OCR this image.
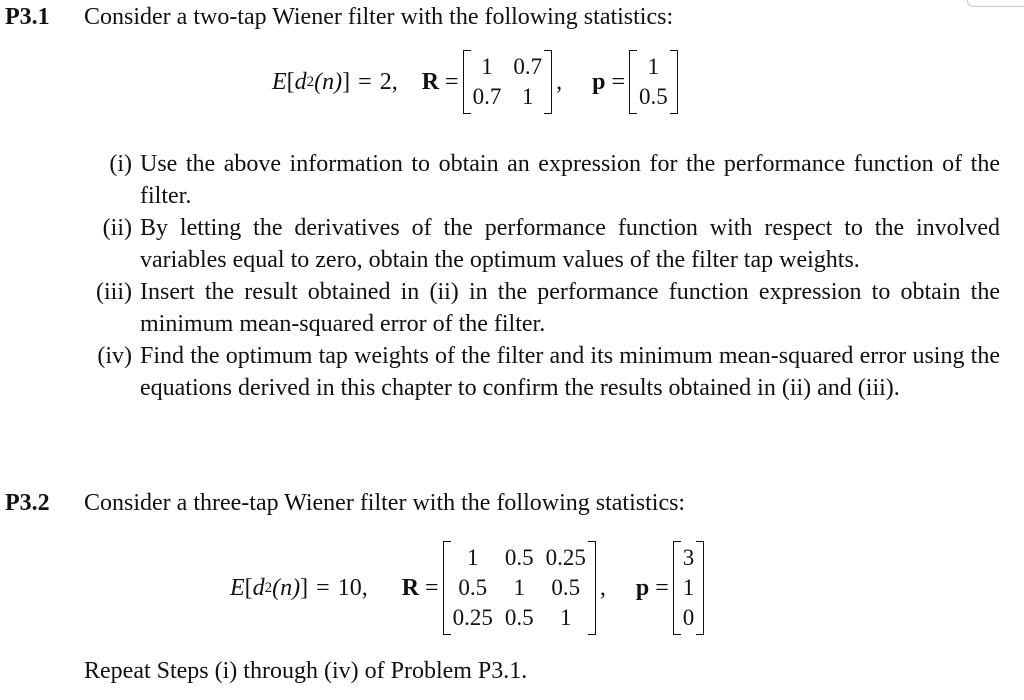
P3.1 Consider a two-tap Wiener filter with the following statistics:
E [ d 2 (n) ] = 2, R =
1 0.7
0.7 1
, p =
1
0.5
(i) Use the above information to obtain an expression for the performance function of the filter.
(ii) By letting the derivatives of the performance function with respect to the involved variables equal to zero, obtain the optimum values of the filter tap weights.
(iii) Insert the result obtained in (ii) in the performance function expression to obtain the minimum mean-squared error of the filter.
(iv) Find the optimum tap weights of the filter and its minimum mean-squared error using the equations derived in this chapter to confirm the results obtained in (ii) and (iii).
P3.2 Consider a three-tap Wiener filter with the following statistics:
E [ d 2 (n) ] = 10, R =
1	0.5 0.25
0.5	1	0.5
0.25 0.5	1
, p =
3
1
0
Repeat Steps (i) through (iv) of Problem P3.1.
